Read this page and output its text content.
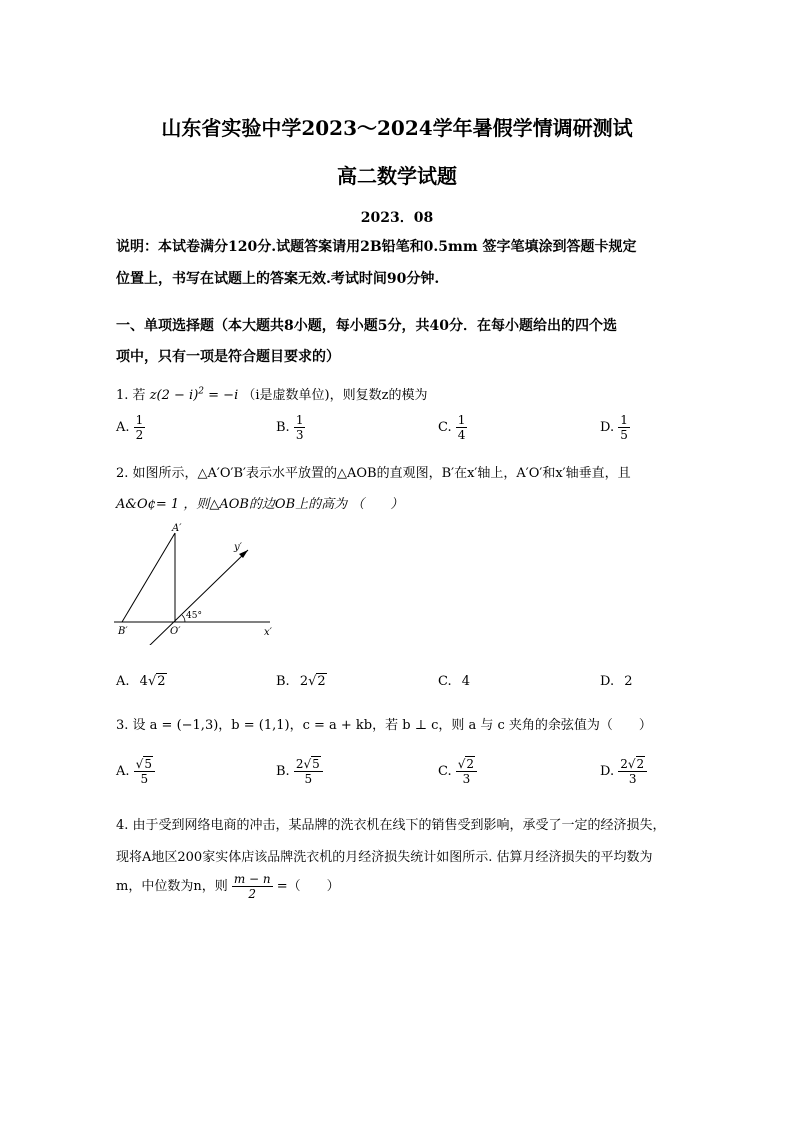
山东省实验中学2023～2024学年暑假学情调研测试
高二数学试题
2023．08
说明：本试卷满分120分.试题答案请用2B铅笔和0.5mm 签字笔填涂到答题卡规定
位置上，书写在试题上的答案无效.考试时间90分钟.
一、单项选择题（本大题共8小题，每小题5分，共40分．在每小题给出的四个选
项中，只有一项是符合题目要求的）
1. 若 $z(2 - i)^2 = -i$ （i是虚数单位)，则复数z的模为
A. $\frac{1}{2}$	B. $\frac{1}{3}$	C. $\frac{1}{4}$	D. $\frac{1}{5}$
2. 如图所示，△A′O′B′表示水平放置的△AOB的直观图，B′在x′轴上，A′O′和x′轴垂直，且
A&O¢= 1 ，则△AOB的边OB上的高为 （　　）
A′
y′
B′	O′	x′
45°
A. 4√2	B. 2√2	C. 4	D. 2
3. 设 a = (−1,3)，b = (1,1)，c = a + kb，若 b ⊥ c，则 a 与 c 夹角的余弦值为（　　）
A. $\frac{√5}{5}$	B. $\frac{2√5}{5}$	C. $\frac{√2}{3}$	D. $\frac{2√2}{3}$
4. 由于受到网络电商的冲击，某品牌的洗衣机在线下的销售受到影响，承受了一定的经济损失，
现将A地区200家实体店该品牌洗衣机的月经济损失统计如图所示. 估算月经济损失的平均数为
m，中位数为n，则 $\frac{m - n}{2}$ =（　　）
